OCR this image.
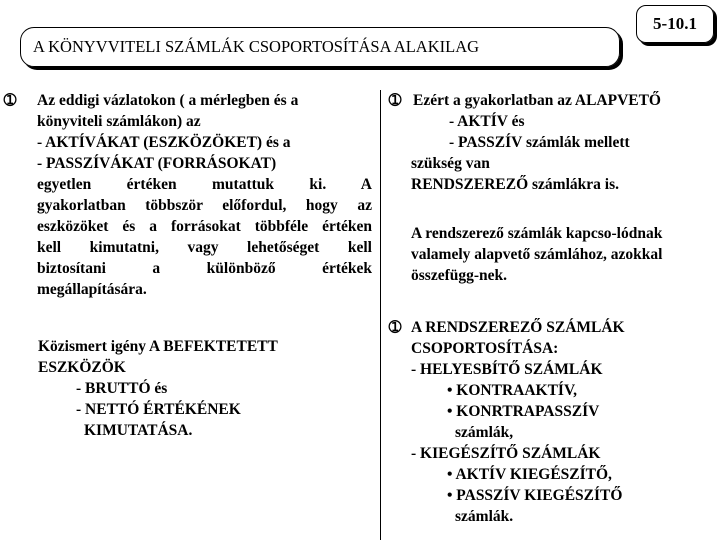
A KÖNYVVITELI SZÁMLÁK CSOPORTOSÍTÁSA ALAKILAG
5-10.1
➀ Az eddigi vázlatokon ( a mérlegben és a

könyviteli számlákon) az

- AKTÍVÁKAT (ESZKÖZÖKET) és a

- PASSZÍVÁKAT (FORRÁSOKAT)

egyetlen értéken mutattuk ki. A

gyakorlatban többször előfordul, hogy az

eszközöket és a forrásokat többféle értéken

kell kimutatni, vagy lehetőséget kell

biztosítani a különböző értékek

megállapítására.

Közismert igény A BEFEKTETETT

ESZKÖZÖK

- BRUTTÓ és

- NETTÓ ÉRTÉKÉNEK

KIMUTATÁSA.

➀ Ezért a gyakorlatban az ALAPVETŐ

- AKTÍV és

- PASSZÍV számlák mellett

szükség van

RENDSZEREZŐ számlákra is.

A rendszerező számlák kapcso-lódnak

valamely alapvető számlához, azokkal

összefügg-nek.

➀ A RENDSZEREZŐ SZÁMLÁK

CSOPORTOSÍTÁSA:

- HELYESBÍTŐ SZÁMLÁK

• KONTRAAKTÍV,

• KONRTRAPASSZÍV

számlák,

- KIEGÉSZÍTŐ SZÁMLÁK

• AKTÍV KIEGÉSZÍTŐ,

• PASSZÍV KIEGÉSZÍTŐ

számlák.
